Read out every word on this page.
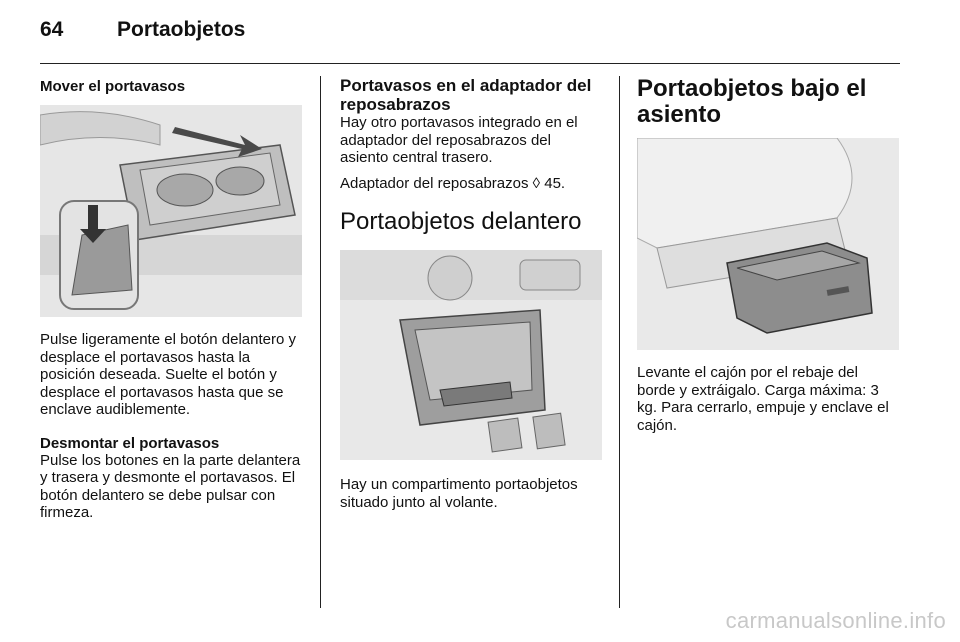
64	Portaobjetos
Mover el portavasos

Pulse ligeramente el botón delantero y desplace el portavasos hasta la posición deseada. Suelte el botón y desplace el portavasos hasta que se enclave audiblemente.

Desmontar el portavasos

Pulse los botones en la parte delantera y trasera y desmonte el portavasos. El botón delantero se debe pulsar con firmeza.

Portavasos en el adaptador del reposabrazos

Hay otro portavasos integrado en el adaptador del reposabrazos del asiento central trasero.

Adaptador del reposabrazos ◊ 45.

Portaobjetos delantero

Hay un compartimento portaobjetos situado junto al volante.

Portaobjetos bajo el asiento

Levante el cajón por el rebaje del borde y extráigalo. Carga máxima: 3 kg. Para cerrarlo, empuje y enclave el cajón.

carmanualsonline.info
